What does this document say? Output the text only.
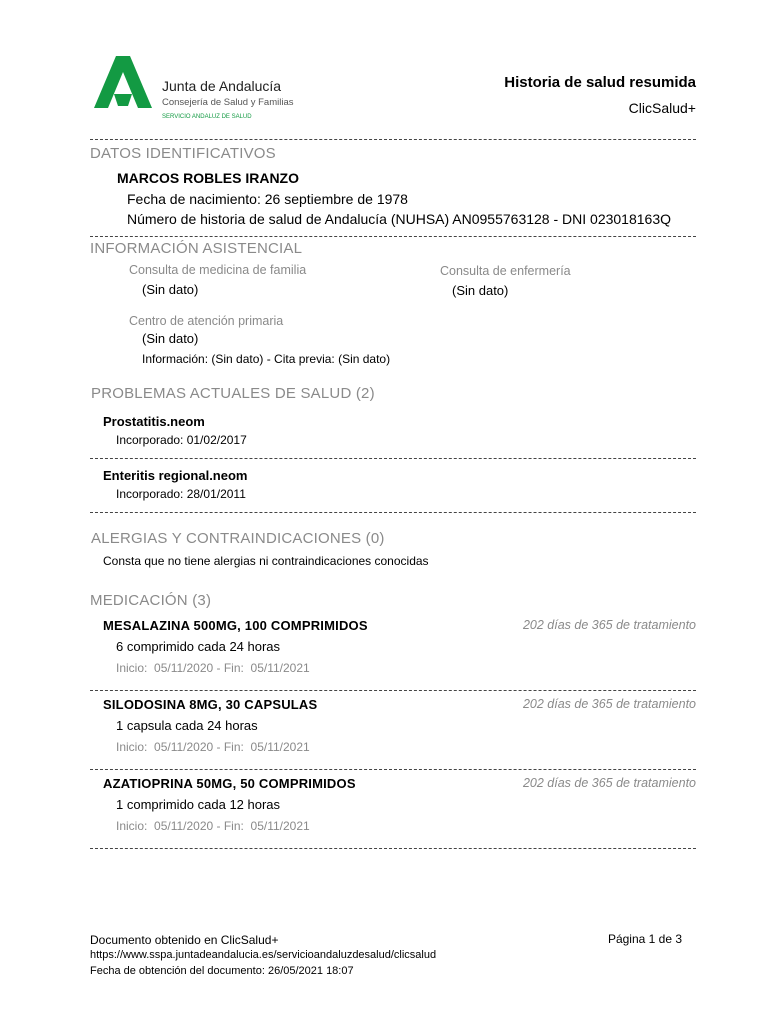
Junta de Andalucía
Consejería de Salud y Familias
SERVICIO ANDALUZ DE SALUD
Historia de salud resumida
ClicSalud+
DATOS IDENTIFICATIVOS
MARCOS ROBLES IRANZO
Fecha de nacimiento: 26 septiembre de 1978
Número de historia de salud de Andalucía (NUHSA) AN0955763128 - DNI 023018163Q
INFORMACIÓN ASISTENCIAL
Consulta de medicina de familia
(Sin dato)
Consulta de enfermería
(Sin dato)
Centro de atención primaria
(Sin dato)
Información: (Sin dato) - Cita previa: (Sin dato)
PROBLEMAS ACTUALES DE SALUD (2)
Prostatitis.neom
Incorporado: 01/02/2017
Enteritis regional.neom
Incorporado: 28/01/2011
ALERGIAS Y CONTRAINDICACIONES (0)
Consta que no tiene alergias ni contraindicaciones conocidas
MEDICACIÓN (3)
MESALAZINA 500MG, 100 COMPRIMIDOS	202 días de 365 de tratamiento
6 comprimido cada 24 horas
Inicio:  05/11/2020 - Fin:  05/11/2021
SILODOSINA 8MG, 30 CAPSULAS	202 días de 365 de tratamiento
1 capsula cada 24 horas
Inicio:  05/11/2020 - Fin:  05/11/2021
AZATIOPRINA 50MG, 50 COMPRIMIDOS	202 días de 365 de tratamiento
1 comprimido cada 12 horas
Inicio:  05/11/2020 - Fin:  05/11/2021
Documento obtenido en ClicSalud+
https://www.sspa.juntadeandalucia.es/servicioandaluzdesalud/clicsalud
Fecha de obtención del documento: 26/05/2021 18:07
Página 1 de 3
